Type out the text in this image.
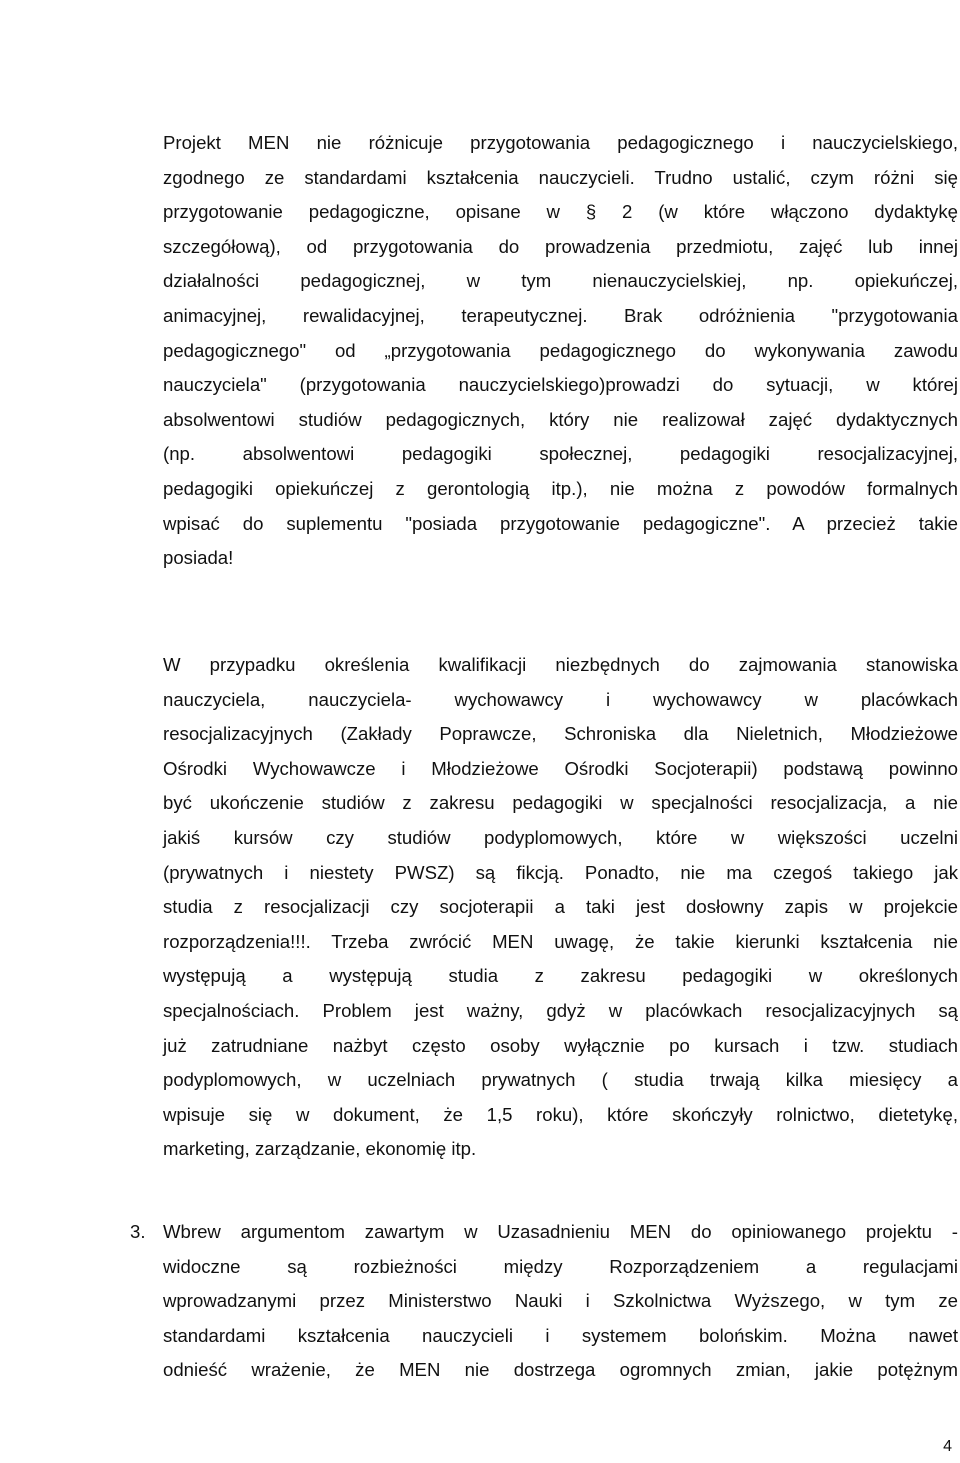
Projekt MEN nie różnicuje przygotowania pedagogicznego i nauczycielskiego,
zgodnego ze standardami kształcenia nauczycieli. Trudno ustalić, czym różni się
przygotowanie pedagogiczne, opisane w § 2 (w które włączono dydaktykę
szczegółową), od przygotowania do prowadzenia przedmiotu, zajęć lub innej
działalności pedagogicznej, w tym nienauczycielskiej, np. opiekuńczej,
animacyjnej, rewalidacyjnej, terapeutycznej. Brak odróżnienia "przygotowania
pedagogicznego" od „przygotowania pedagogicznego do wykonywania zawodu
nauczyciela" (przygotowania nauczycielskiego)prowadzi do sytuacji, w której
absolwentowi studiów pedagogicznych, który nie realizował zajęć dydaktycznych
(np. absolwentowi pedagogiki społecznej, pedagogiki resocjalizacyjnej,
pedagogiki opiekuńczej z gerontologią itp.), nie można z powodów formalnych
wpisać do suplementu "posiada przygotowanie pedagogiczne". A przecież takie
posiada!
W przypadku określenia kwalifikacji niezbędnych do zajmowania stanowiska
nauczyciela, nauczyciela- wychowawcy i wychowawcy w placówkach
resocjalizacyjnych (Zakłady Poprawcze, Schroniska dla Nieletnich, Młodzieżowe
Ośrodki Wychowawcze i Młodzieżowe Ośrodki Socjoterapii) podstawą powinno
być ukończenie studiów z zakresu pedagogiki w specjalności resocjalizacja, a nie
jakiś kursów czy studiów podyplomowych, które w większości uczelni
(prywatnych i niestety PWSZ) są fikcją. Ponadto, nie ma czegoś takiego jak
studia z resocjalizacji czy socjoterapii a taki jest dosłowny zapis w projekcie
rozporządzenia!!!. Trzeba zwrócić MEN uwagę, że takie kierunki kształcenia nie
występują a występują studia z zakresu pedagogiki w określonych
specjalnościach. Problem jest ważny, gdyż w placówkach resocjalizacyjnych są
już zatrudniane nażbyt często osoby wyłącznie po kursach i tzw. studiach
podyplomowych, w uczelniach prywatnych ( studia trwają kilka miesięcy a
wpisuje się w dokument, że 1,5 roku), które skończyły rolnictwo, dietetykę,
marketing, zarządzanie, ekonomię itp.
3. Wbrew argumentom zawartym w Uzasadnieniu MEN do opiniowanego projektu -
widoczne są rozbieżności między Rozporządzeniem a regulacjami
wprowadzanymi przez Ministerstwo Nauki i Szkolnictwa Wyższego, w tym ze
standardami kształcenia nauczycieli i systemem bolońskim. Można nawet
odnieść wrażenie, że MEN nie dostrzega ogromnych zmian, jakie potężnym
4
